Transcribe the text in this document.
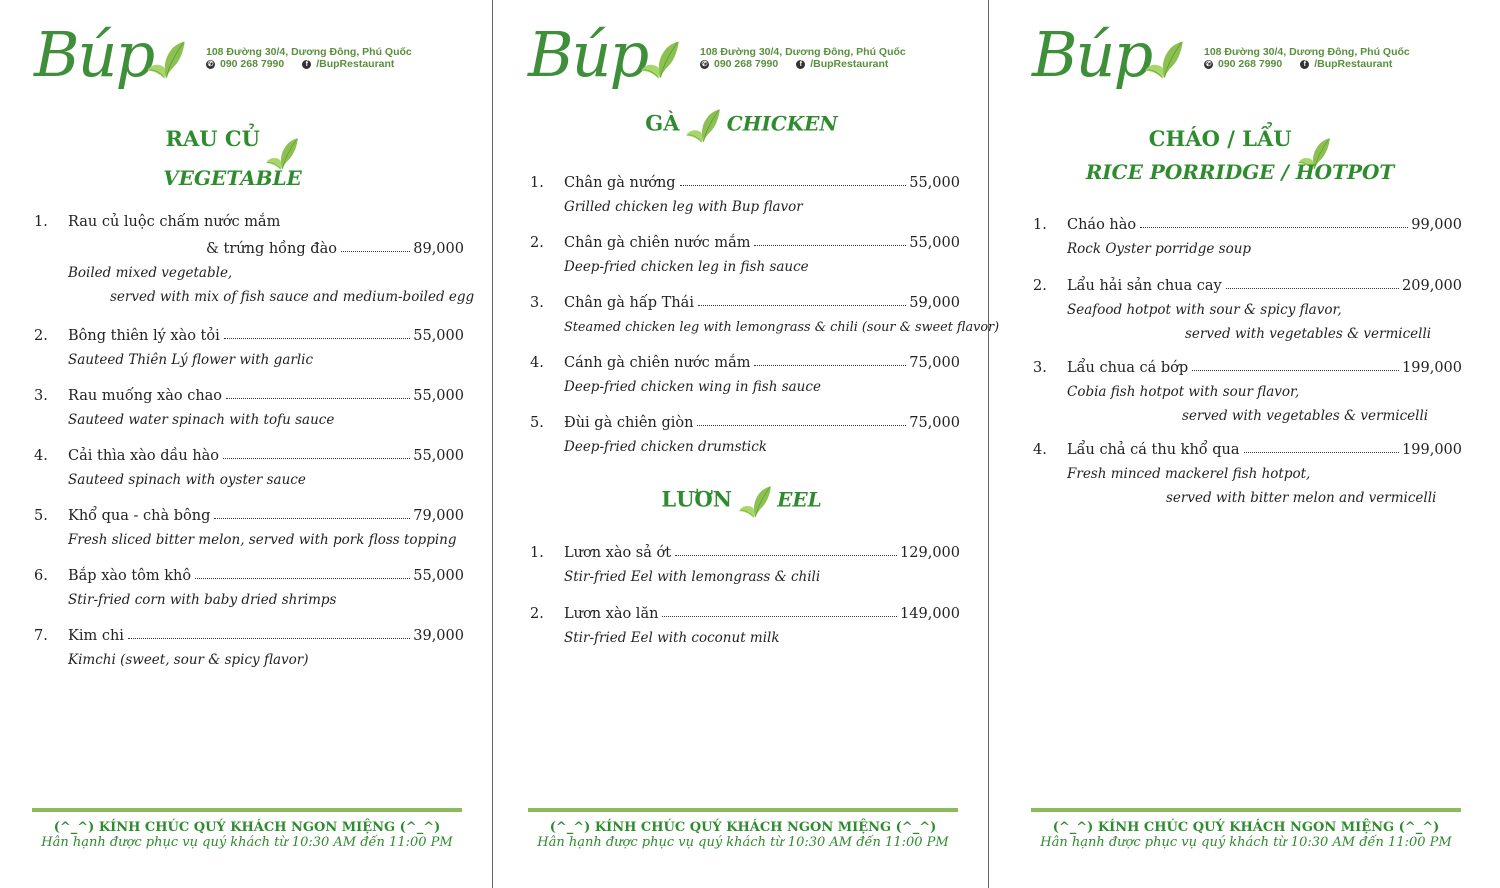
Búp	108 Đường 30/4, Dương Đông, Phú Quốc
✆ 090 268 7990	f /BupRestaurant
RAU CỦ
VEGETABLE
1.	Rau củ luộc chấm nước mắm
& trứng hồng đào	89,000
Boiled mixed vegetable,
served with mix of fish sauce and medium-boiled egg
2.	Bông thiên lý xào tỏi	55,000
Sauteed Thiên Lý flower with garlic
3.	Rau muống xào chao	55,000
Sauteed water spinach with tofu sauce
4.	Cải thìa xào dầu hào	55,000
Sauteed spinach with oyster sauce
5.	Khổ qua - chà bông	79,000
Fresh sliced bitter melon, served with pork floss topping
6.	Bắp xào tôm khô	55,000
Stir-fried corn with baby dried shrimps
7.	Kim chi	39,000
Kimchi (sweet, sour & spicy flavor)
(^_^) KÍNH CHÚC QUÝ KHÁCH NGON MIỆNG (^_^)
Hân hạnh được phục vụ quý khách từ 10:30 AM đến 11:00 PM
Búp	108 Đường 30/4, Dương Đông, Phú Quốc
✆ 090 268 7990	f /BupRestaurant
GÀ CHICKEN
1.	Chân gà nướng	55,000
Grilled chicken leg with Bup flavor
2.	Chân gà chiên nước mắm	55,000
Deep-fried chicken leg in fish sauce
3.	Chân gà hấp Thái	59,000
Steamed chicken leg with lemongrass & chili (sour & sweet flavor)
4.	Cánh gà chiên nước mắm	75,000
Deep-fried chicken wing in fish sauce
5.	Đùi gà chiên giòn	75,000
Deep-fried chicken drumstick
LƯƠN EEL
1.	Lươn xào sả ớt	129,000
Stir-fried Eel with lemongrass & chili
2.	Lươn xào lăn	149,000
Stir-fried Eel with coconut milk
(^_^) KÍNH CHÚC QUÝ KHÁCH NGON MIỆNG (^_^)
Hân hạnh được phục vụ quý khách từ 10:30 AM đến 11:00 PM
Búp	108 Đường 30/4, Dương Đông, Phú Quốc
✆ 090 268 7990	f /BupRestaurant
CHÁO / LẨU
RICE PORRIDGE / HOTPOT
1.	Cháo hào	99,000
Rock Oyster porridge soup
2.	Lẩu hải sản chua cay	209,000
Seafood hotpot with sour & spicy flavor,
served with vegetables & vermicelli
3.	Lẩu chua cá bớp	199,000
Cobia fish hotpot with sour flavor,
served with vegetables & vermicelli
4.	Lẩu chả cá thu khổ qua	199,000
Fresh minced mackerel fish hotpot,
served with bitter melon and vermicelli
(^_^) KÍNH CHÚC QUÝ KHÁCH NGON MIỆNG (^_^)
Hân hạnh được phục vụ quý khách từ 10:30 AM đến 11:00 PM
